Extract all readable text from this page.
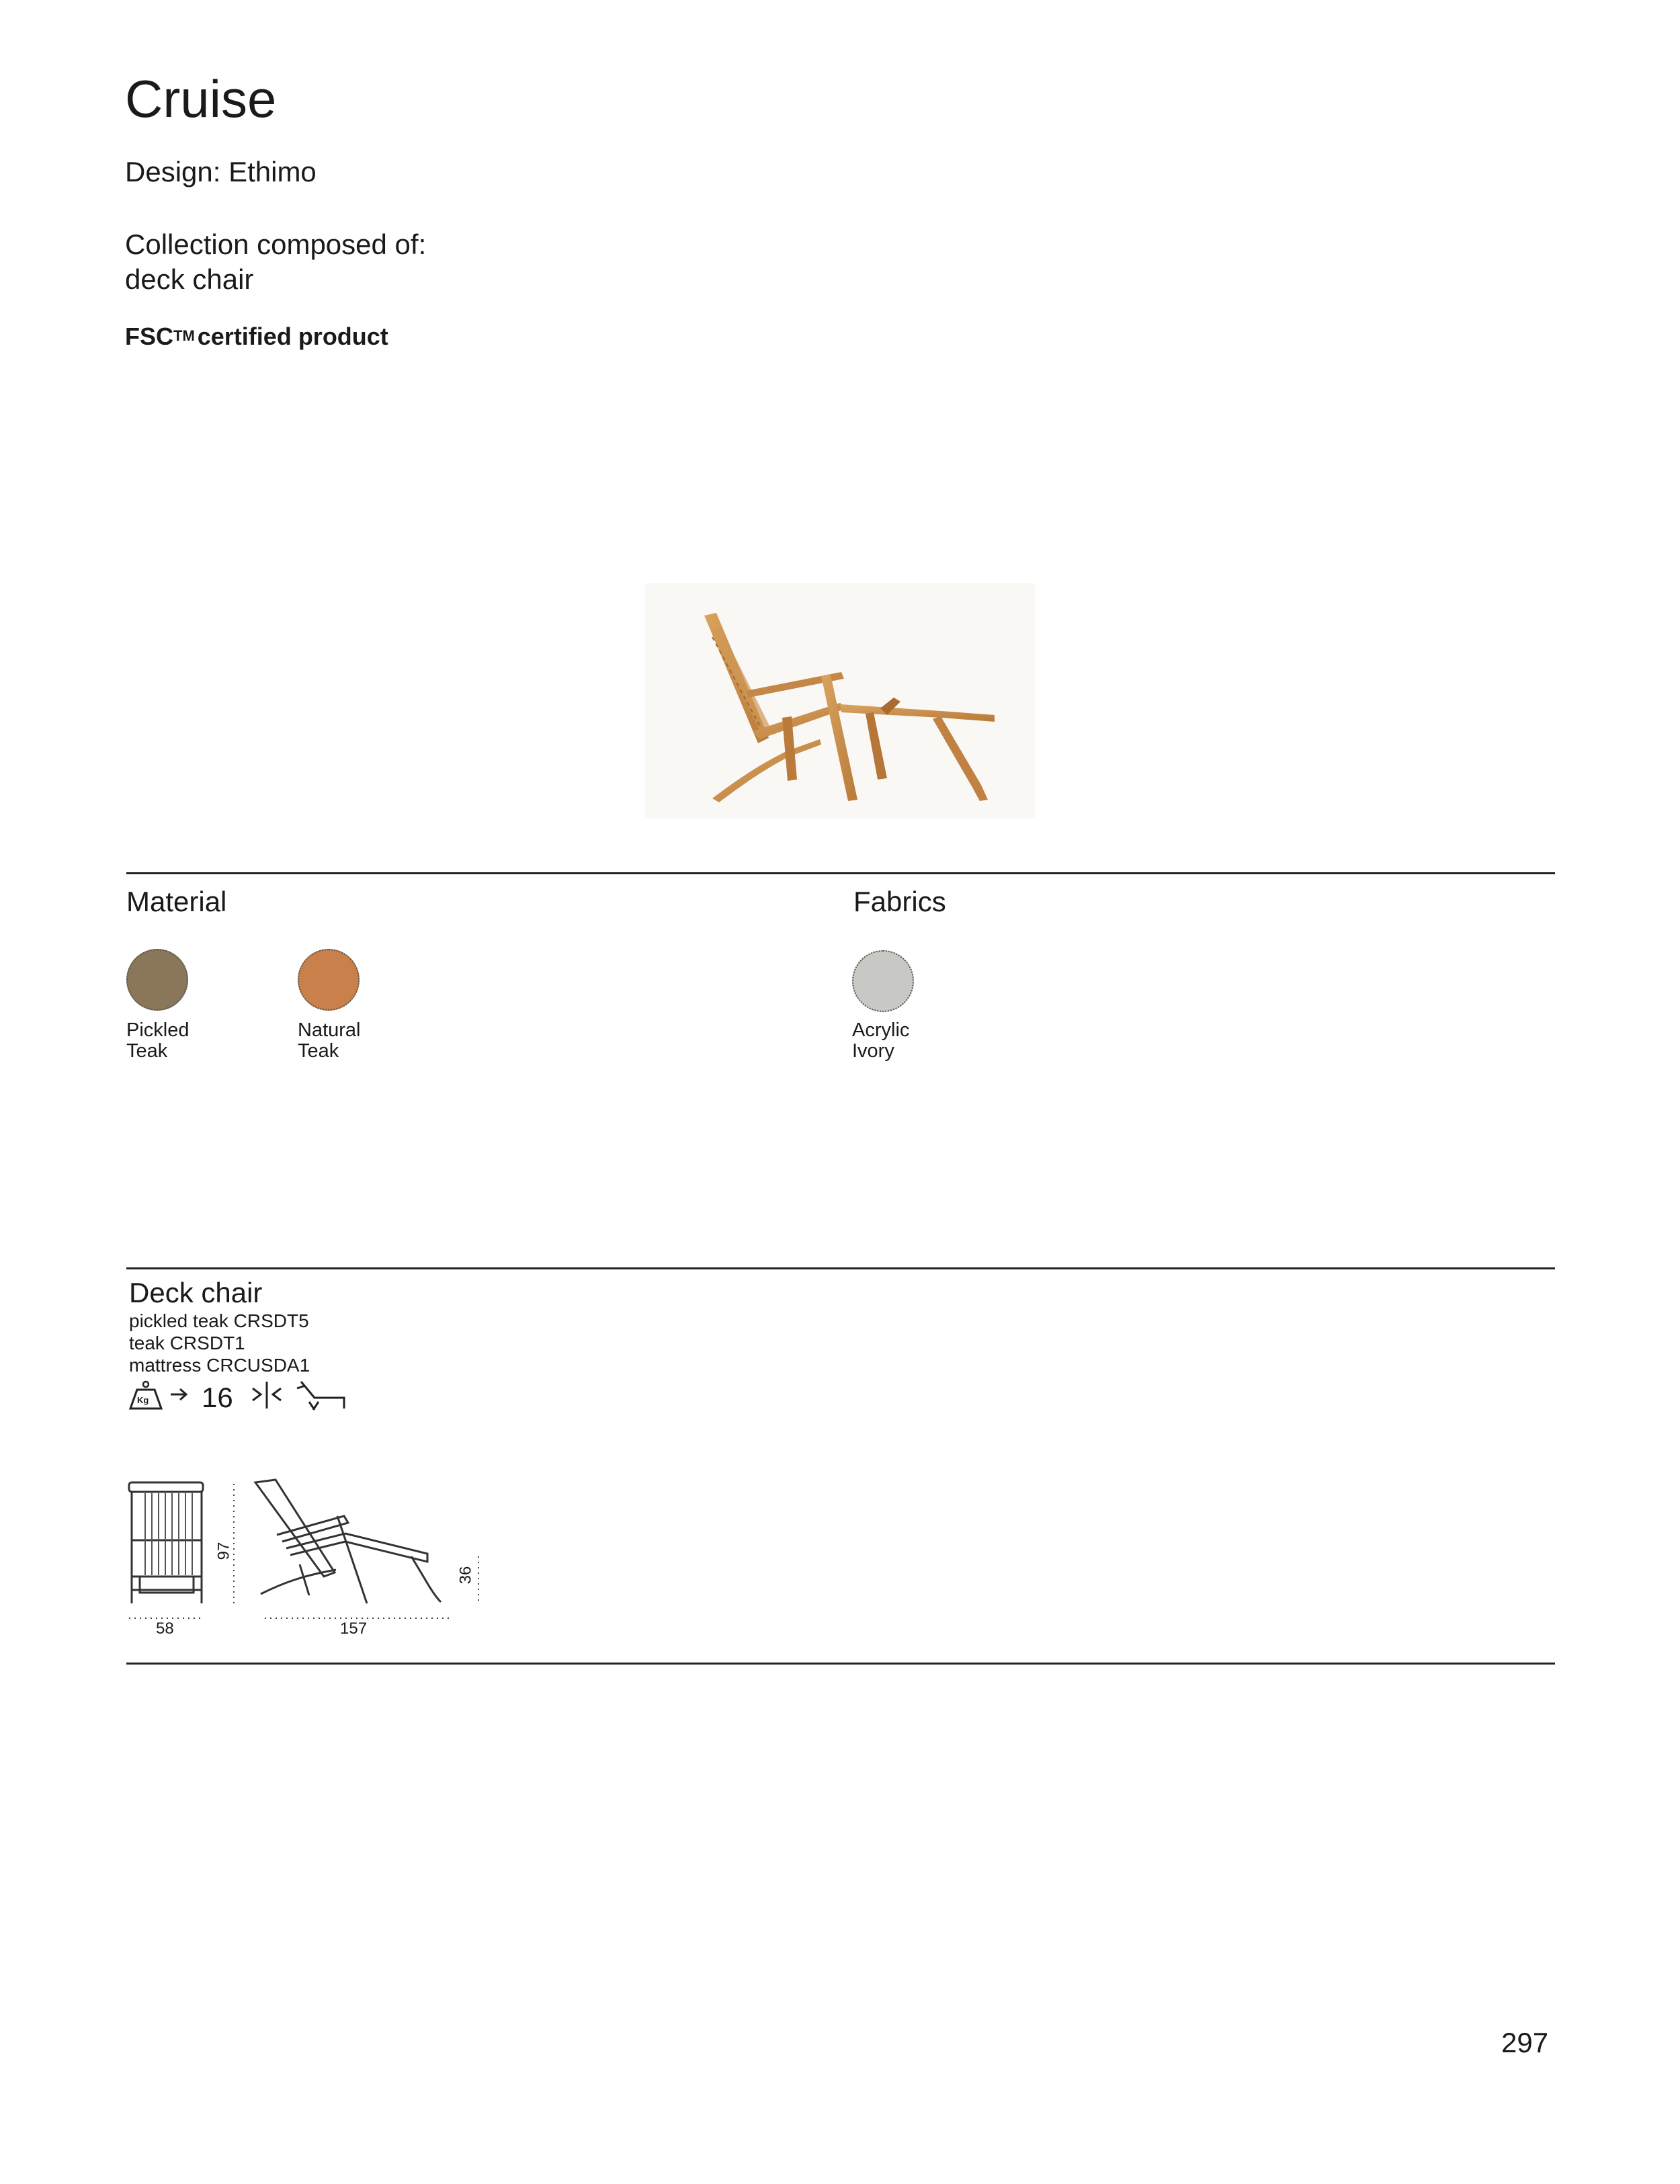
Cruise
Design: Ethimo
Collection composed of:
deck chair
FSC™ certified product
Material
Pickled
Teak
Natural
Teak
Fabrics
Acrylic
Ivory
Deck chair
pickled teak CRSDT5
teak CRSDT1
mattress CRCUSDA1
Kg 16
58
97
157
36
297
